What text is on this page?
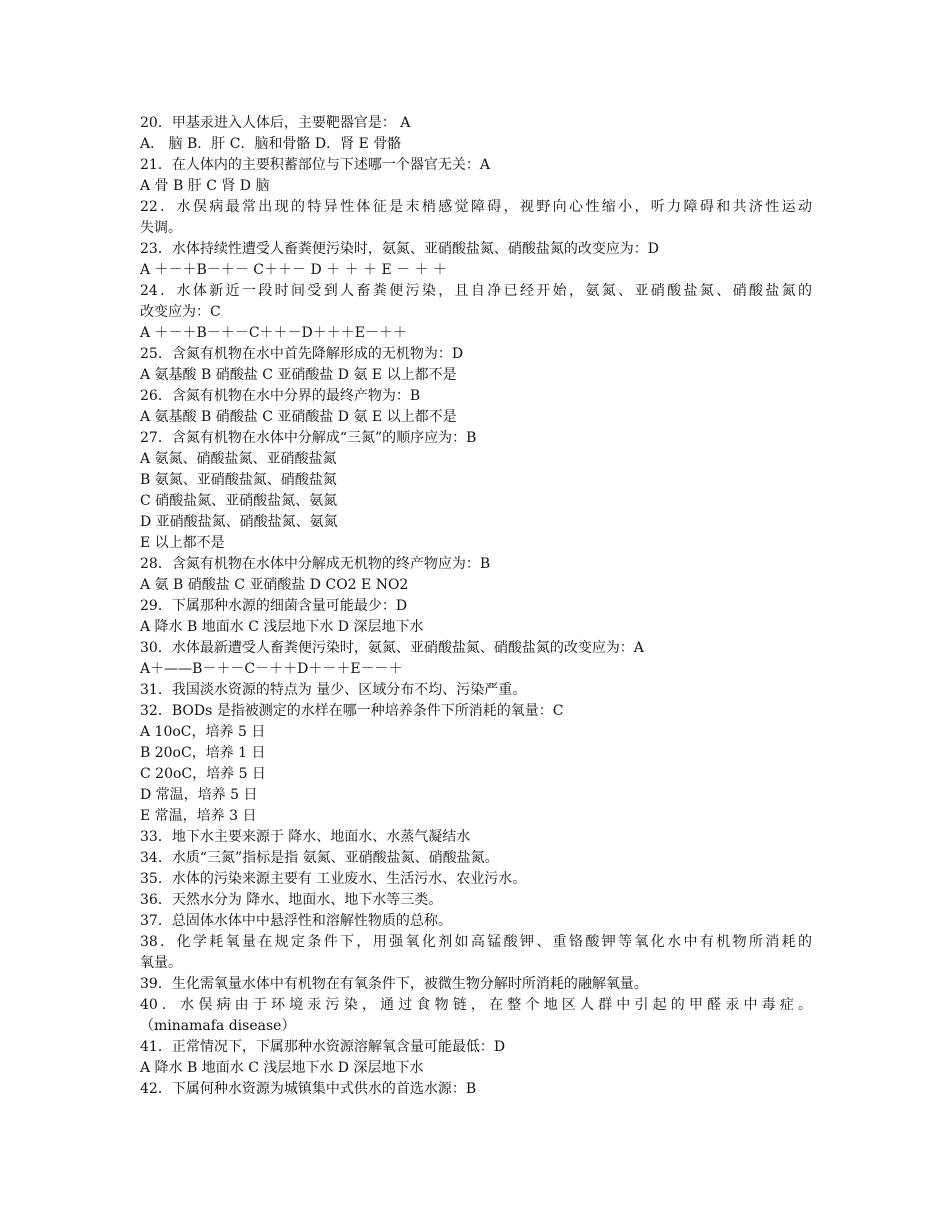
20．甲基汞进入人体后，主要靶器官是： A
A． 脑 B．肝 C．脑和骨骼 D．肾 E 骨骼
21．在人体内的主要积蓄部位与下述哪一个器官无关：A
A 骨 B 肝 C 肾 D 脑
22．水俣病最常出现的特异性体征是末梢感觉障碍，视野向心性缩小，听力障碍和共济性运动
失调。
23．水体持续性遭受人畜粪便污染时，氨氮、亚硝酸盐氮、硝酸盐氮的改变应为：D
A ＋－＋B－＋－ C＋＋－ D ＋ ＋ ＋ E － ＋ ＋
24．水体新近一段时间受到人畜粪便污染，且自净已经开始，氨氮、亚硝酸盐氮、硝酸盐氮的
改变应为：C
A ＋－＋B－＋－C＋＋－D＋＋＋E－＋＋
25．含氮有机物在水中首先降解形成的无机物为：D
A 氨基酸 B 硝酸盐 C 亚硝酸盐 D 氨 E 以上都不是
26．含氮有机物在水中分界的最终产物为：B
A 氨基酸 B 硝酸盐 C 亚硝酸盐 D 氨 E 以上都不是
27．含氮有机物在水体中分解成“三氮”的顺序应为：B
A 氨氮、硝酸盐氮、亚硝酸盐氮
B 氨氮、亚硝酸盐氮、硝酸盐氮
C 硝酸盐氮、亚硝酸盐氮、氨氮
D 亚硝酸盐氮、硝酸盐氮、氨氮
E 以上都不是
28．含氮有机物在水体中分解成无机物的终产物应为：B
A 氨 B 硝酸盐 C 亚硝酸盐 D CO2 E NO2
29．下属那种水源的细菌含量可能最少：D
A 降水 B 地面水 C 浅层地下水 D 深层地下水
30．水体最新遭受人畜粪便污染时，氨氮、亚硝酸盐氮、硝酸盐氮的改变应为：A
A＋——B－＋－C－＋＋D＋－＋E－－＋
31．我国淡水资源的特点为 量少、区域分布不均、污染严重。
32．BODs 是指被测定的水样在哪一种培养条件下所消耗的氧量：C
A 10oC，培养 5 日
B 20oC，培养 1 日
C 20oC，培养 5 日
D 常温，培养 5 日
E 常温，培养 3 日
33．地下水主要来源于 降水、地面水、水蒸气凝结水
34．水质“三氮”指标是指 氨氮、亚硝酸盐氮、硝酸盐氮。
35．水体的污染来源主要有 工业废水、生活污水、农业污水。
36．天然水分为 降水、地面水、地下水等三类。
37．总固体水体中中悬浮性和溶解性物质的总称。
38．化学耗氧量在规定条件下，用强氧化剂如高锰酸钾、重铬酸钾等氧化水中有机物所消耗的
氧量。
39．生化需氧量水体中有机物在有氧条件下，被微生物分解时所消耗的融解氧量。
40．水俣病由于环境汞污染，通过食物链，在整个地区人群中引起的甲醛汞中毒症。
（minamafa disease）
41．正常情况下，下属那种水资源溶解氧含量可能最低：D
A 降水 B 地面水 C 浅层地下水 D 深层地下水
42．下属何种水资源为城镇集中式供水的首选水源：B
